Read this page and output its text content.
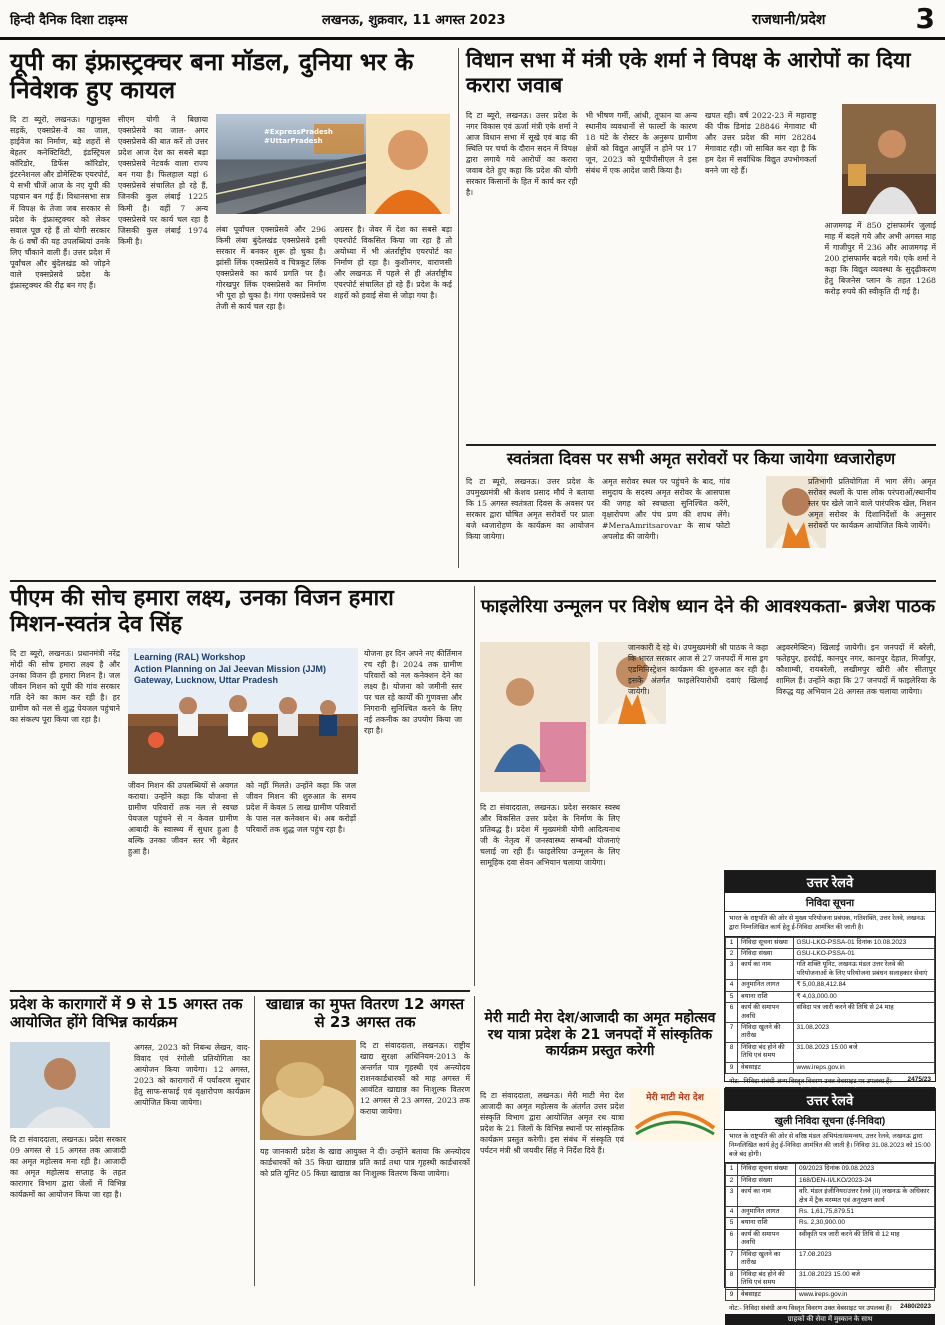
हिन्दी दैनिक दिशा टाइम्स	लखनऊ, शुक्रवार, 11 अगस्त 2023	राजधानी/प्रदेश	3
यूपी का इंफ्रास्ट्रक्चर बना मॉडल, दुनिया भर के निवेशक हुए कायल
#ExpressPradesh #UttarPradesh
दि टा ब्यूरो, लखनऊ। गड्ढामुक्त सड़कें, एक्सप्रेस-वे का जाल, हाईवेज का निर्माण, बड़े शहरों से बेहतर कनेक्टिविटी, इंडस्ट्रियल कॉरिडोर, डिफेंस कॉरिडोर, इंटरनेशनल और डोमेस्टिक एयरपोर्ट, ये सभी चीजें आज के नए यूपी की पहचान बन गई हैं। विधानसभा सत्र में विपक्ष के तेजा जब सरकार से प्रदेश के इंफ्रास्ट्रक्चर को लेकर सवाल पूछ रहे हैं तो योगी सरकार के 6 वर्षों की यह उपलब्धियां उनके लिए चौंकाने वाली हैं। उत्तर प्रदेश में पूर्वांचल और बुंदेलखंड को जोड़ने वाले एक्सप्रेसवे प्रदेश के इंफ्रास्ट्रक्चर की रीढ़ बन गए हैं।
सीएम योगी ने बिछाया एक्सप्रेसवे का जाल- अगर एक्सप्रेसवे की बात करें तो उत्तर प्रदेश आज देश का सबसे बड़ा एक्सप्रेसवे नेटवर्क वाला राज्य बन गया है। फिलहाल यहां 6 एक्सप्रेसवे संचालित हो रहे हैं, जिनकी कुल लंबाई 1225 किमी है। वहीं 7 अन्य एक्सप्रेसवे पर कार्य चल रहा है जिसकी कुल लंबाई 1974 किमी है।
लंबा पूर्वांचल एक्सप्रेसवे और 296 किमी लंबा बुंदेलखंड एक्सप्रेसवे इसी सरकार में बनकर शुरू हो चुका है। झांसी लिंक एक्सप्रेसवे व चित्रकूट लिंक एक्सप्रेसवे का कार्य प्रगति पर है। गोरखपुर लिंक एक्सप्रेसवे का निर्माण भी पूरा हो चुका है। गंगा एक्सप्रेसवे पर तेजी से कार्य चल रहा है।
अग्रसर है। जेवर में देश का सबसे बड़ा एयरपोर्ट विकसित किया जा रहा है तो अयोध्या में भी अंतर्राष्ट्रीय एयरपोर्ट का निर्माण हो रहा है। कुशीनगर, वाराणसी और लखनऊ में पहले से ही अंतर्राष्ट्रीय एयरपोर्ट संचालित हो रहे हैं। प्रदेश के कई शहरों को हवाई सेवा से जोड़ा गया है।
विधान सभा में मंत्री एके शर्मा ने विपक्ष के आरोपों का दिया करारा जवाब
दि टा ब्यूरो, लखनऊ। उत्तर प्रदेश के नगर विकास एवं ऊर्जा मंत्री एके शर्मा ने आज विधान सभा में सूखे एवं बाढ़ की स्थिति पर चर्चा के दौरान सदन में विपक्ष द्वारा लगाये गये आरोपों का करारा जवाब देते हुए कहा कि प्रदेश की योगी सरकार किसानों के हित में कार्य कर रही है।
भी भीषण गर्मी, आंधी, तूफान या अन्य स्थानीय व्यवधानों से फाल्टों के कारण 18 घंटे के रोस्टर के अनुरूप ग्रामीण क्षेत्रों को विद्युत आपूर्ति न होने पर 17 जून, 2023 को यूपीपीसीएल ने इस संबंध में एक आदेश जारी किया है।
खपत रही। वर्ष 2022-23 में महाराष्ट्र की पीक डिमांड 28846 मेगावाट थी और उत्तर प्रदेश की मांग 28284 मेगावाट रही। जो साबित कर रहा है कि हम देश में सर्वाधिक विद्युत उपभोगकर्ता बनने जा रहे हैं।
आजमगढ़ में 850 ट्रांसफार्मर जुलाई माह में बदले गये और अभी अगस्त माह में गाजीपुर में 236 और आजमगढ़ में 200 ट्रांसफार्मर बदले गये। एके शर्मा ने कहा कि विद्युत व्यवस्था के सुदृढ़ीकरण हेतु बिजनेस प्लान के तहत 1268 करोड़ रुपये की स्वीकृति दी गई है।
स्वतंत्रता दिवस पर सभी अमृत सरोवरों पर किया जायेगा ध्वजारोहण
दि टा ब्यूरो, लखनऊ। उत्तर प्रदेश के उपमुख्यमंत्री श्री केशव प्रसाद मौर्य ने बताया कि 15 अगस्त स्वतंत्रता दिवस के अवसर पर सरकार द्वारा घोषित अमृत सरोवरों पर प्रातः बजे ध्वजारोहण के कार्यक्रम का आयोजन किया जायेगा।
अमृत सरोवर स्थल पर पहुंचने के बाद, गांव समुदाय के सदस्य अमृत सरोवर के आसपास की जगह को स्वच्छता सुनिश्चित करेंगे, वृक्षारोपण और पंच प्रण की शपथ लेंगे। #MeraAmritsarovar के साथ फोटो अपलोड की जायेगी।
प्रतिभागी प्रतियोगिता में भाग लेंगे। अमृत सरोवर स्थलों के पास लोक परंपराओं/स्थानीय स्तर पर खेले जाने वाले पारंपरिक खेल, मिशन अमृत सरोवर के दिशानिर्देशों के अनुसार सरोवरों पर कार्यक्रम आयोजित किये जायेंगे।
पीएम की सोच हमारा लक्ष्य, उनका विजन हमारा मिशन-स्वतंत्र देव सिंह
Learning (RAL) Workshop
Action Planning on Jal Jeevan Mission (JJM)
Gateway, Lucknow, Uttar Pradesh
दि टा ब्यूरो, लखनऊ। प्रधानमंत्री नरेंद्र मोदी की सोच हमारा लक्ष्य है और उनका विजन ही हमारा मिशन है। जल जीवन मिशन को यूपी की गांव सरकार गति देने का काम कर रही है। हर ग्रामीण को नल से शुद्ध पेयजल पहुंचाने का संकल्प पूरा किया जा रहा है।
जीवन मिशन की उपलब्धियों से अवगत कराया। उन्होंने कहा कि योजना से ग्रामीण परिवारों तक नल से स्वच्छ पेयजल पहुंचने से न केवल ग्रामीण आबादी के स्वास्थ्य में सुधार हुआ है बल्कि उनका जीवन स्तर भी बेहतर हुआ है।
को नहीं मिलते। उन्होंने कहा कि जल जीवन मिशन की शुरुआत के समय प्रदेश में केवल 5 लाख ग्रामीण परिवारों के पास नल कनेक्शन थे। अब करोड़ों परिवारों तक शुद्ध जल पहुंच रहा है।
योजना हर दिन अपने नए कीर्तिमान रच रही है। 2024 तक ग्रामीण परिवारों को नल कनेक्शन देने का लक्ष्य है। योजना को जमीनी स्तर पर चल रहे कार्यों की गुणवत्ता और निगरानी सुनिश्चित करने के लिए नई तकनीक का उपयोग किया जा रहा है।
फाइलेरिया उन्मूलन पर विशेष ध्यान देने की आवश्यकता- ब्रजेश पाठक
दि टा संवाददाता, लखनऊ। प्रदेश सरकार स्वस्थ और विकसित उत्तर प्रदेश के निर्माण के लिए प्रतिबद्ध है। प्रदेश में मुख्यमंत्री योगी आदित्यनाथ जी के नेतृत्व में जनस्वास्थ्य सम्बन्धी योजनाएं चलाई जा रही हैं। फाइलेरिया उन्मूलन के लिए सामूहिक दवा सेवन अभियान चलाया जायेगा।
जानकारी दे रहे थे। उपमुख्यमंत्री श्री पाठक ने कहा कि भारत सरकार आज से 27 जनपदों में मास ड्रग एडमिनिस्ट्रेशन कार्यक्रम की शुरुआत कर रही है। इसके अंतर्गत फाइलेरियारोधी दवाएं खिलाई जायेगी।
अइवरमेक्टिन) खिलाई जायेगी। इन जनपदों में बरेली, फतेहपुर, हरदोई, कानपुर नगर, कानपुर देहात, मिर्जापुर, कौशाम्बी, रायबरेली, लखीमपुर खीरी और सीतापुर शामिल हैं। उन्होंने कहा कि 27 जनपदों में फाइलेरिया के विरुद्ध यह अभियान 28 अगस्त तक चलाया जायेगा।
उत्तर रेलवे
निविदा सूचना
भारत के राष्ट्रपति की ओर से मुख्य परियोजना प्रबंधक, गतिशक्ति, उत्तर रेलवे, लखनऊ द्वारा निम्नलिखित कार्य हेतु ई-निविदा आमंत्रित की जाती है।
1	निविदा सूचना संख्या	GSU-LKO-PSSA-01 दिनांक 10.08.2023
2	निविदा संख्या	GSU-LKO-PSSA-01
3	कार्य का नाम	गति शक्ति यूनिट, लखनऊ मंडल उत्तर रेलवे की परियोजनाओं के लिए परियोजना प्रबंधन सलाहकार सेवाएं
4	अनुमानित लागत	₹ 5,00,88,412.84
5	बयाना राशि	₹ 4,03,000.00
6	कार्य की समापन अवधि	संविदा पत्र जारी करने की तिथि से 24 माह
7	निविदा खुलने की तारीख	31.08.2023
8	निविदा बंद होने की तिथि एवं समय	31.08.2023 15:00 बजे
9	वेबसाइट	www.ireps.gov.in
नोट:- निविदा संबंधी अन्य विस्तृत विवरण उक्त वेबसाइट पर उपलब्ध हैं। 2475/23
प्रदेश के कारागारों में 9 से 15 अगस्त तक आयोजित होंगे विभिन्न कार्यक्रम
दि टा संवाददाता, लखनऊ। प्रदेश सरकार 09 अगस्त से 15 अगस्त तक आजादी का अमृत महोत्सव मना रही है। आजादी का अमृत महोत्सव सप्ताह के तहत कारागार विभाग द्वारा जेलों में विभिन्न कार्यक्रमों का आयोजन किया जा रहा है।
अगस्त, 2023 को निबन्ध लेखन, वाद-विवाद एवं रंगोली प्रतियोगिता का आयोजन किया जायेगा। 12 अगस्त, 2023 को कारागारों में पर्यावरण सुधार हेतु साफ-सफाई एवं वृक्षारोपण कार्यक्रम आयोजित किया जायेगा।
खाद्यान्न का मुफ्त वितरण 12 अगस्त से 23 अगस्त तक
दि टा संवाददाता, लखनऊ। राष्ट्रीय खाद्य सुरक्षा अधिनियम-2013 के अन्तर्गत पात्र गृहस्थी एवं अन्त्योदय राशनकार्डधारकों को माह अगस्त में आवंटित खाद्यान्न का निःशुल्क वितरण 12 अगस्त से 23 अगस्त, 2023 तक कराया जायेगा।
यह जानकारी प्रदेश के खाद्य आयुक्त ने दी। उन्होंने बताया कि अन्त्योदय कार्डधारकों को 35 किग्रा खाद्यान्न प्रति कार्ड तथा पात्र गृहस्थी कार्डधारकों को प्रति यूनिट 05 किग्रा खाद्यान्न का निःशुल्क वितरण किया जायेगा।
मेरी माटी मेरा देश/आजादी का अमृत महोत्सव रथ यात्रा प्रदेश के 21 जनपदों में सांस्कृतिक कार्यक्रम प्रस्तुत करेगी
मेरी माटी मेरा देश
दि टा संवाददाता, लखनऊ। मेरी माटी मेरा देश आजादी का अमृत महोत्सव के अंतर्गत उत्तर प्रदेश संस्कृति विभाग द्वारा आयोजित अमृत रथ यात्रा प्रदेश के 21 जिलों के विभिन्न स्थानों पर सांस्कृतिक कार्यक्रम प्रस्तुत करेगी। इस संबंध में संस्कृति एवं पर्यटन मंत्री श्री जयवीर सिंह ने निर्देश दिये हैं।
उत्तर रेलवे
खुली निविदा सूचना (ई-निविदा)
भारत के राष्ट्रपति की ओर से वरिष्ठ मंडल अभियंता/समन्वय, उत्तर रेलवे, लखनऊ द्वारा निम्नलिखित कार्य हेतु ई-निविदा आमंत्रित की जाती है। निविदा 31.08.2023 को 15:00 बजे बंद होगी।
1	निविदा सूचना संख्या	09/2023 दिनांक 09.08.2023
2	निविदा संख्या	168/DEN-II/LKO/2023-24
3	कार्य का नाम	वरि. मंडल इंजीनियर/उत्तर रेलवे (II) लखनऊ के अधिकार क्षेत्र में ट्रैक मरम्मत एवं अनुरक्षण कार्य
4	अनुमानित लागत	Rs. 1,61,75,879.51
5	बयाना राशि	Rs. 2,30,900.00
6	कार्य की समापन अवधि	स्वीकृति पत्र जारी करने की तिथि से 12 माह
7	निविदा खुलने का तारीख	17.08.2023
8	निविदा बंद होने की तिथि एवं समय	31.08.2023 15.00 बजे
9	वेबसाइट	www.ireps.gov.in
नोट:- निविदा संबंधी अन्य विस्तृत विवरण उक्त वेबसाइट पर उपलब्ध हैं। 2480/2023
ग्राहकों की सेवा में मुस्कान के साथ
